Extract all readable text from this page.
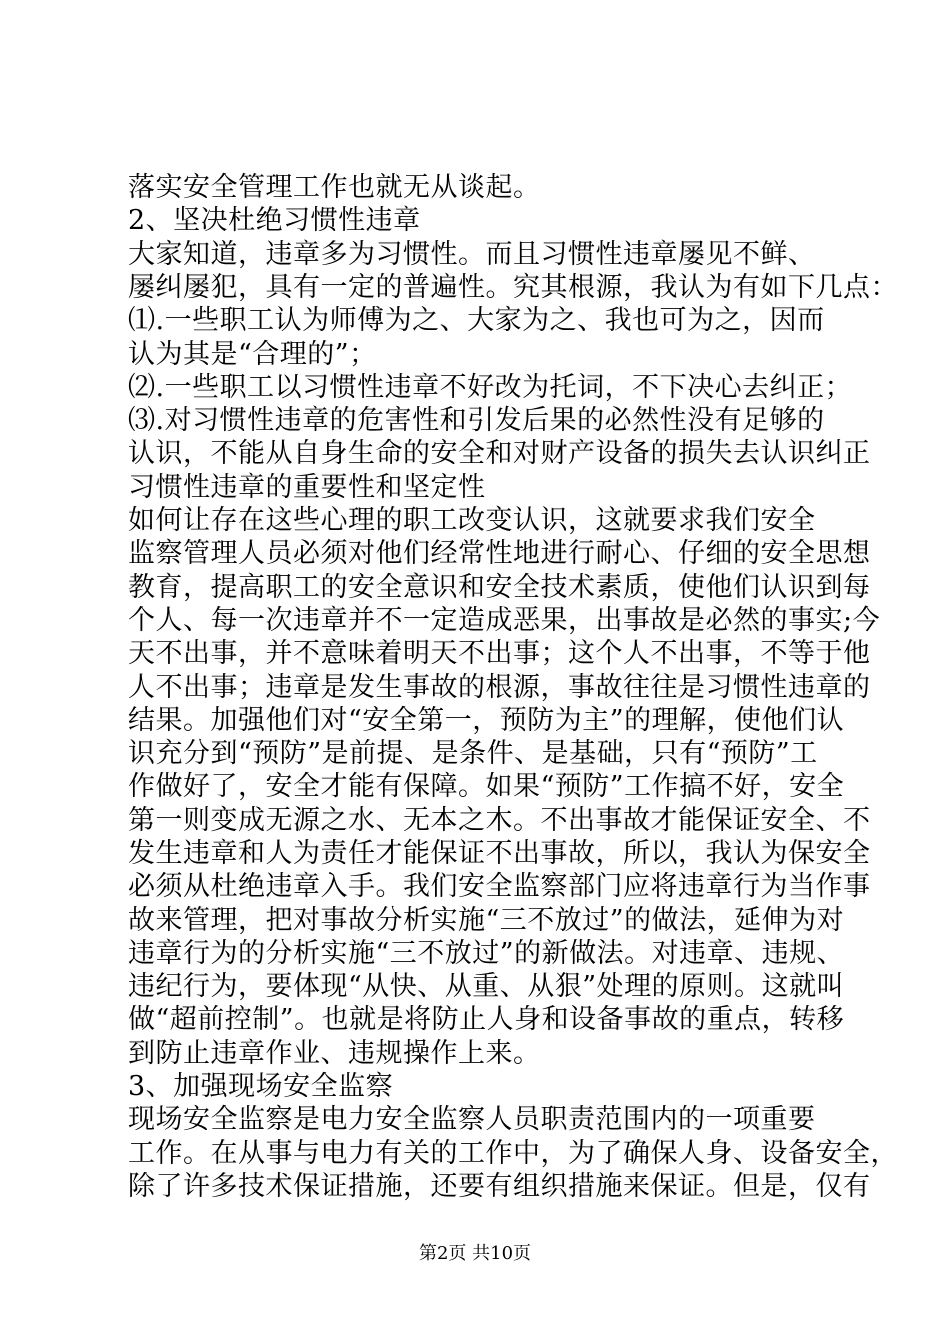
落实安全管理工作也就无从谈起。
2、坚决杜绝习惯性违章
大家知道，违章多为习惯性。而且习惯性违章屡见不鲜、
屡纠屡犯，具有一定的普遍性。究其根源，我认为有如下几点：
⑴.一些职工认为师傅为之、大家为之、我也可为之，因而
认为其是“合理的”；
⑵.一些职工以习惯性违章不好改为托词，不下决心去纠正；
⑶.对习惯性违章的危害性和引发后果的必然性没有足够的
认识，不能从自身生命的安全和对财产设备的损失去认识纠正
习惯性违章的重要性和坚定性
如何让存在这些心理的职工改变认识，这就要求我们安全
监察管理人员必须对他们经常性地进行耐心、仔细的安全思想
教育，提高职工的安全意识和安全技术素质，使他们认识到每
个人、每一次违章并不一定造成恶果，出事故是必然的事实;今
天不出事，并不意味着明天不出事；这个人不出事，不等于他
人不出事；违章是发生事故的根源，事故往往是习惯性违章的
结果。加强他们对“安全第一，预防为主”的理解，使他们认
识充分到“预防”是前提、是条件、是基础，只有“预防”工
作做好了，安全才能有保障。如果“预防”工作搞不好，安全
第一则变成无源之水、无本之木。不出事故才能保证安全、不
发生违章和人为责任才能保证不出事故，所以，我认为保安全
必须从杜绝违章入手。我们安全监察部门应将违章行为当作事
故来管理，把对事故分析实施“三不放过”的做法，延伸为对
违章行为的分析实施“三不放过”的新做法。对违章、违规、
违纪行为，要体现“从快、从重、从狠”处理的原则。这就叫
做“超前控制”。也就是将防止人身和设备事故的重点，转移
到防止违章作业、违规操作上来。
3、加强现场安全监察
现场安全监察是电力安全监察人员职责范围内的一项重要
工作。在从事与电力有关的工作中，为了确保人身、设备安全，
除了许多技术保证措施，还要有组织措施来保证。但是，仅有
第2页 共10页
